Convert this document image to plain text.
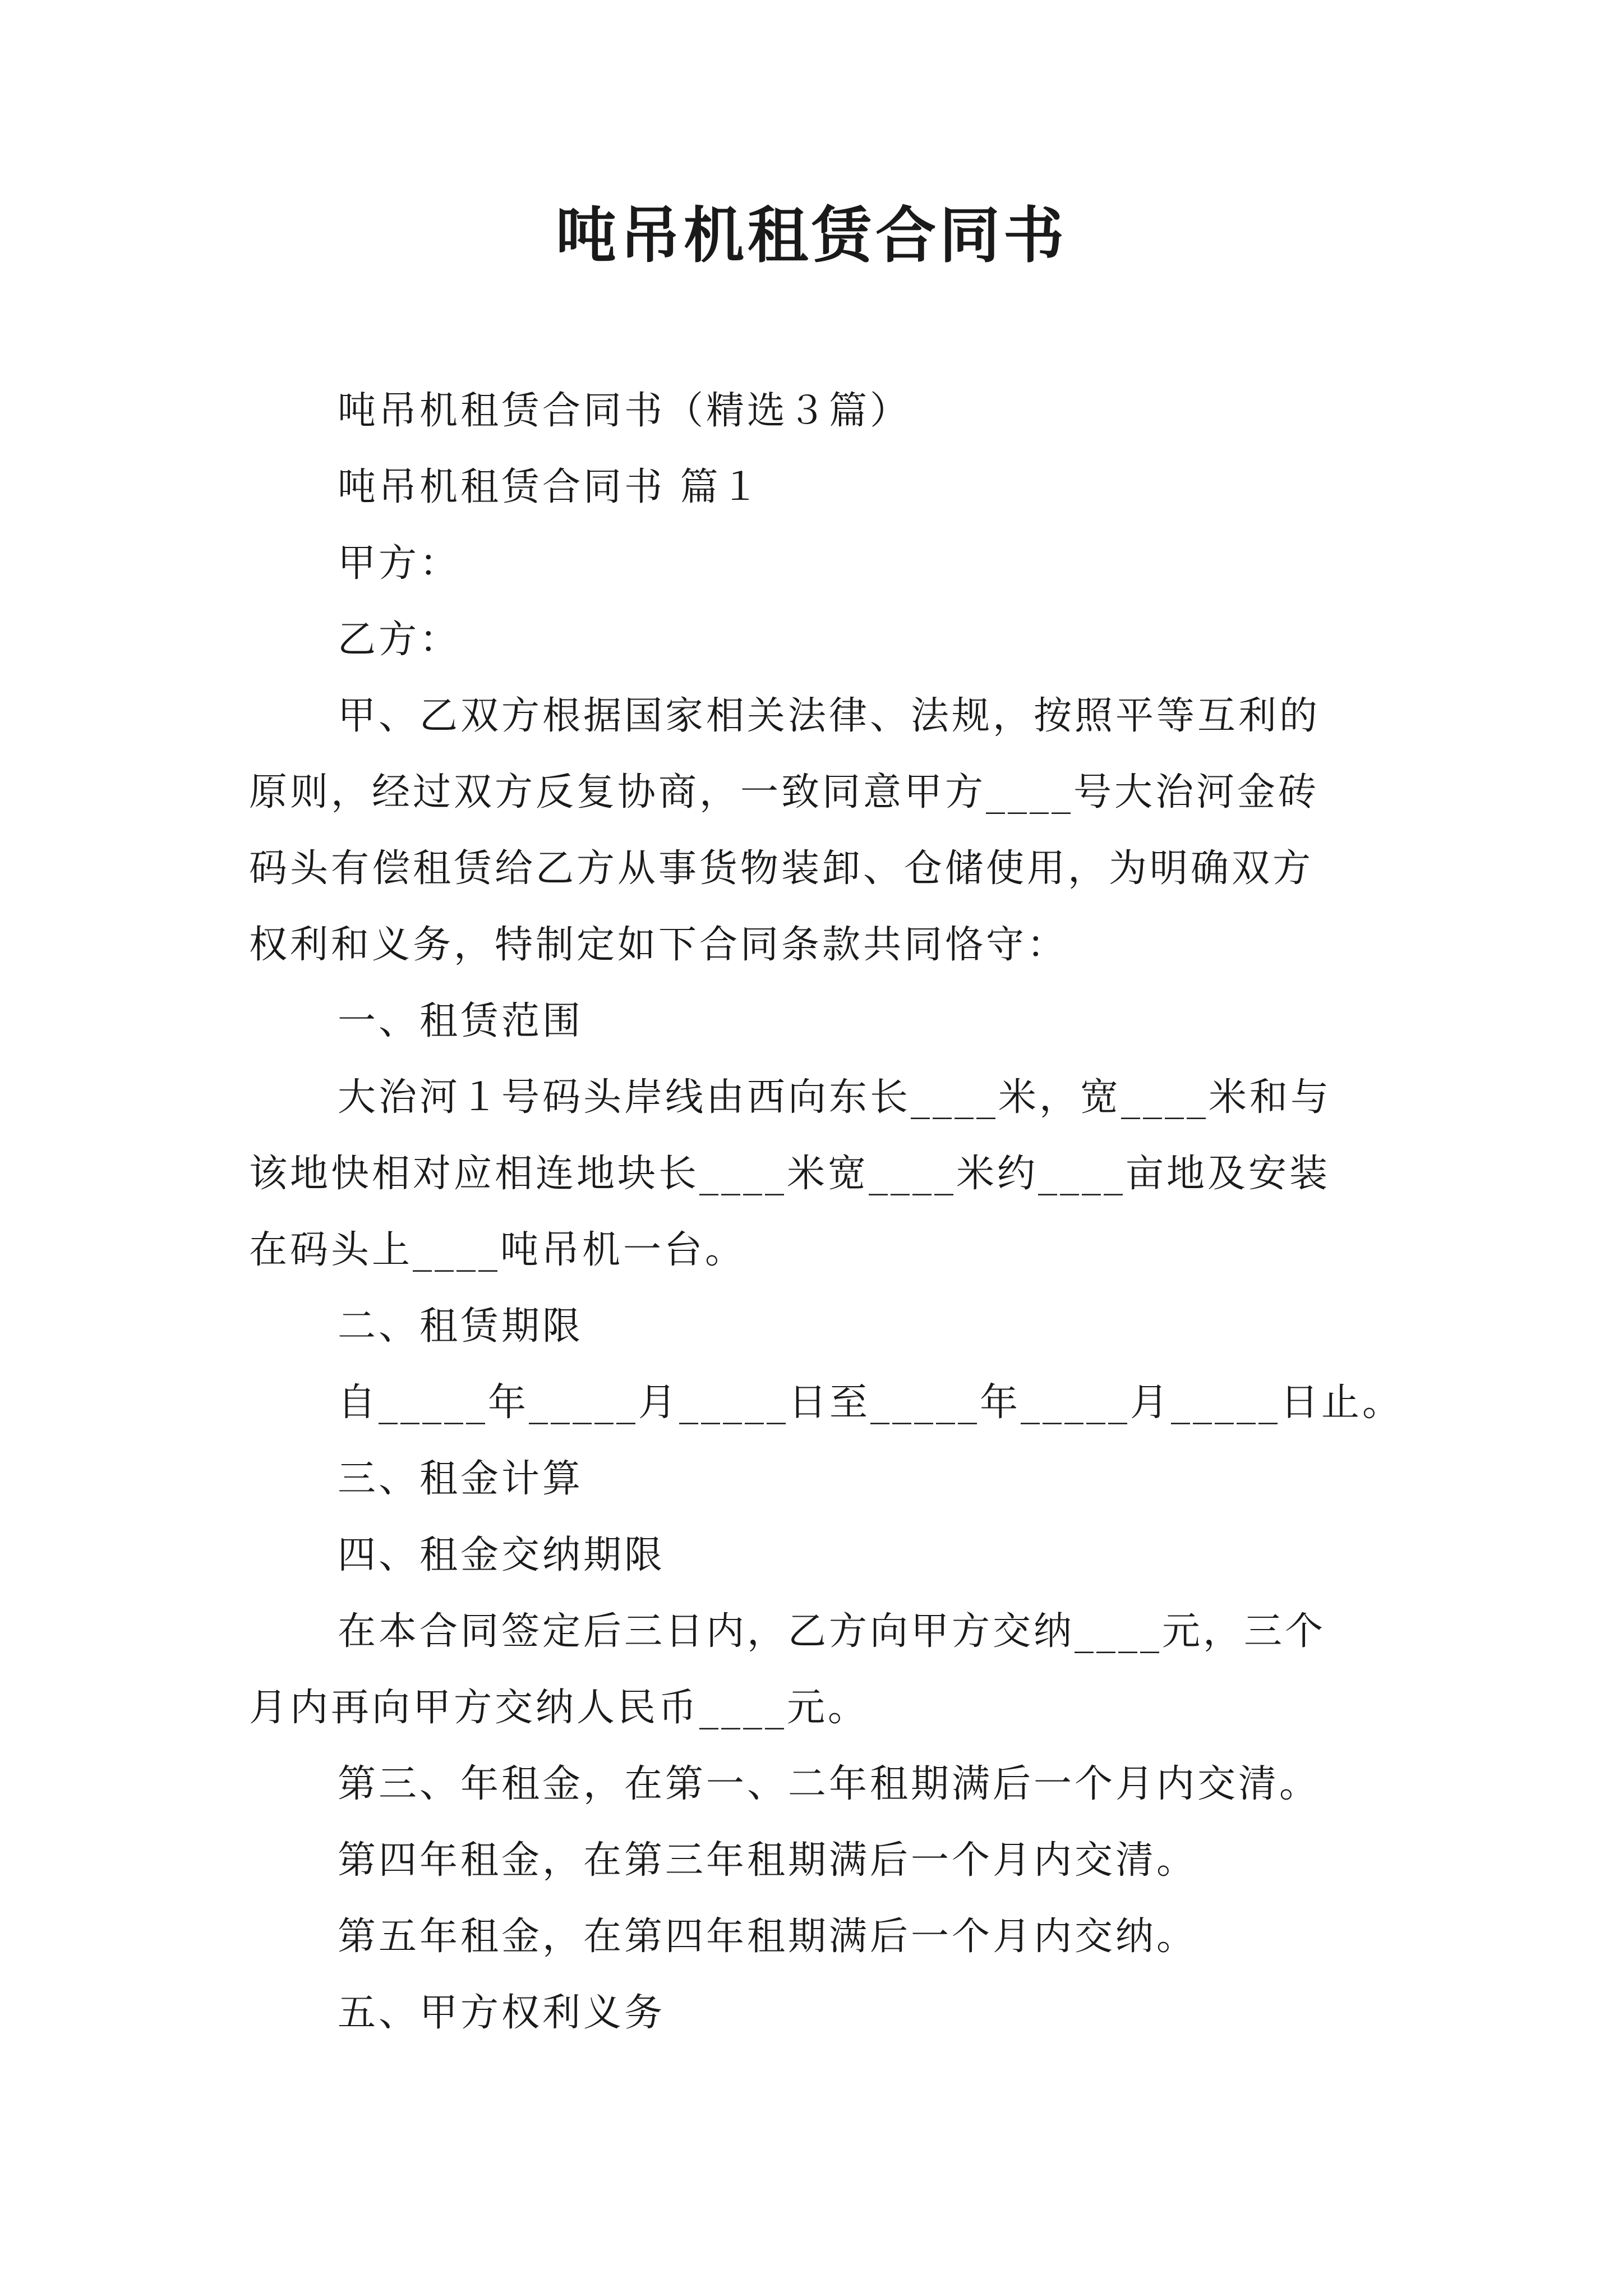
吨吊机租赁合同书
吨吊机租赁合同书（精选３篇）
吨吊机租赁合同书 篇１
甲方：
乙方：
甲、乙双方根据国家相关法律、法规，按照平等互利的
原则，经过双方反复协商，一致同意甲方____号大治河金砖
码头有偿租赁给乙方从事货物装卸、仓储使用，为明确双方
权利和义务，特制定如下合同条款共同恪守：
一、租赁范围
大治河１号码头岸线由西向东长____米，宽____米和与
该地快相对应相连地块长____米宽____米约____亩地及安装
在码头上____吨吊机一台。
二、租赁期限
自_____年_____月_____日至_____年_____月_____日止。
三、租金计算
四、租金交纳期限
在本合同签定后三日内，乙方向甲方交纳____元，三个
月内再向甲方交纳人民币____元。
第三、年租金，在第一、二年租期满后一个月内交清。
第四年租金，在第三年租期满后一个月内交清。
第五年租金，在第四年租期满后一个月内交纳。
五、甲方权利义务
